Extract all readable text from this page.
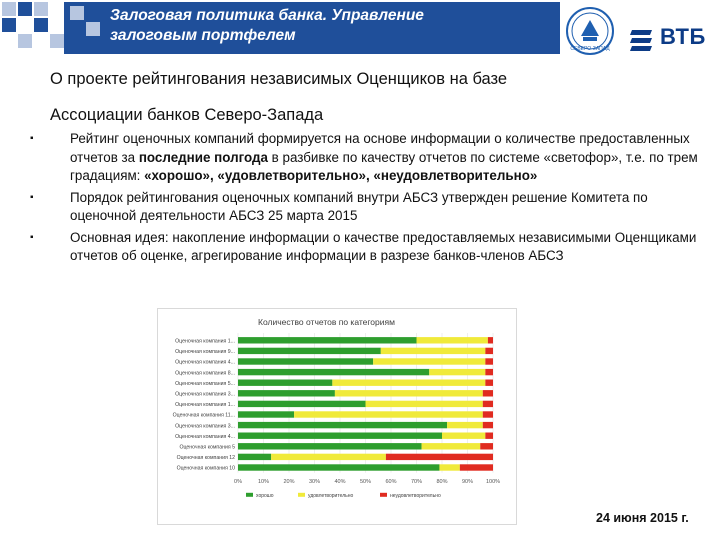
Залоговая политика банка. Управление
залоговым портфелем
СЕВЕРО-ЗАПАД ВТБ
О проекте рейтингования независимых Оценщиков на базе
Ассоциации банков Северо-Запада
▪	Рейтинг оценочных компаний формируется на основе информации о количестве предоставленных отчетов за последние полгода в разбивке по качеству отчетов по системе «светофор», т.е. по трем градациям: «хорошо», «удовлетворительно», «неудовлетворительно»
▪	Порядок рейтингования оценочных компаний внутри АБСЗ утвержден решение Комитета по оценочной деятельности АБСЗ 25 марта 2015
▪	Основная идея: накопление информации о качестве предоставляемых независимыми Оценщиками отчетов об оценке, агрегирование информации в разрезе банков-членов АБСЗ
Количество отчетов по категориям
0%	10%	20%	30%	40%	50%	60%	70%	80%	90% 100%
Оценочная компания 1...
Оценочная компания 9...
Оценочная компания 4...
Оценочная компания 8...
Оценочная компания 5...
Оценочная компания 3...
Оценочная компания 1...
Оценочная компания 11...
Оценочная компания 3...
Оценочная компания 4...
Оценочная компания 5
Оценочная компания 12
Оценочная компания 10
хорошо	удовлетворительно	неудовлетворительно
24 июня 2015 г.
